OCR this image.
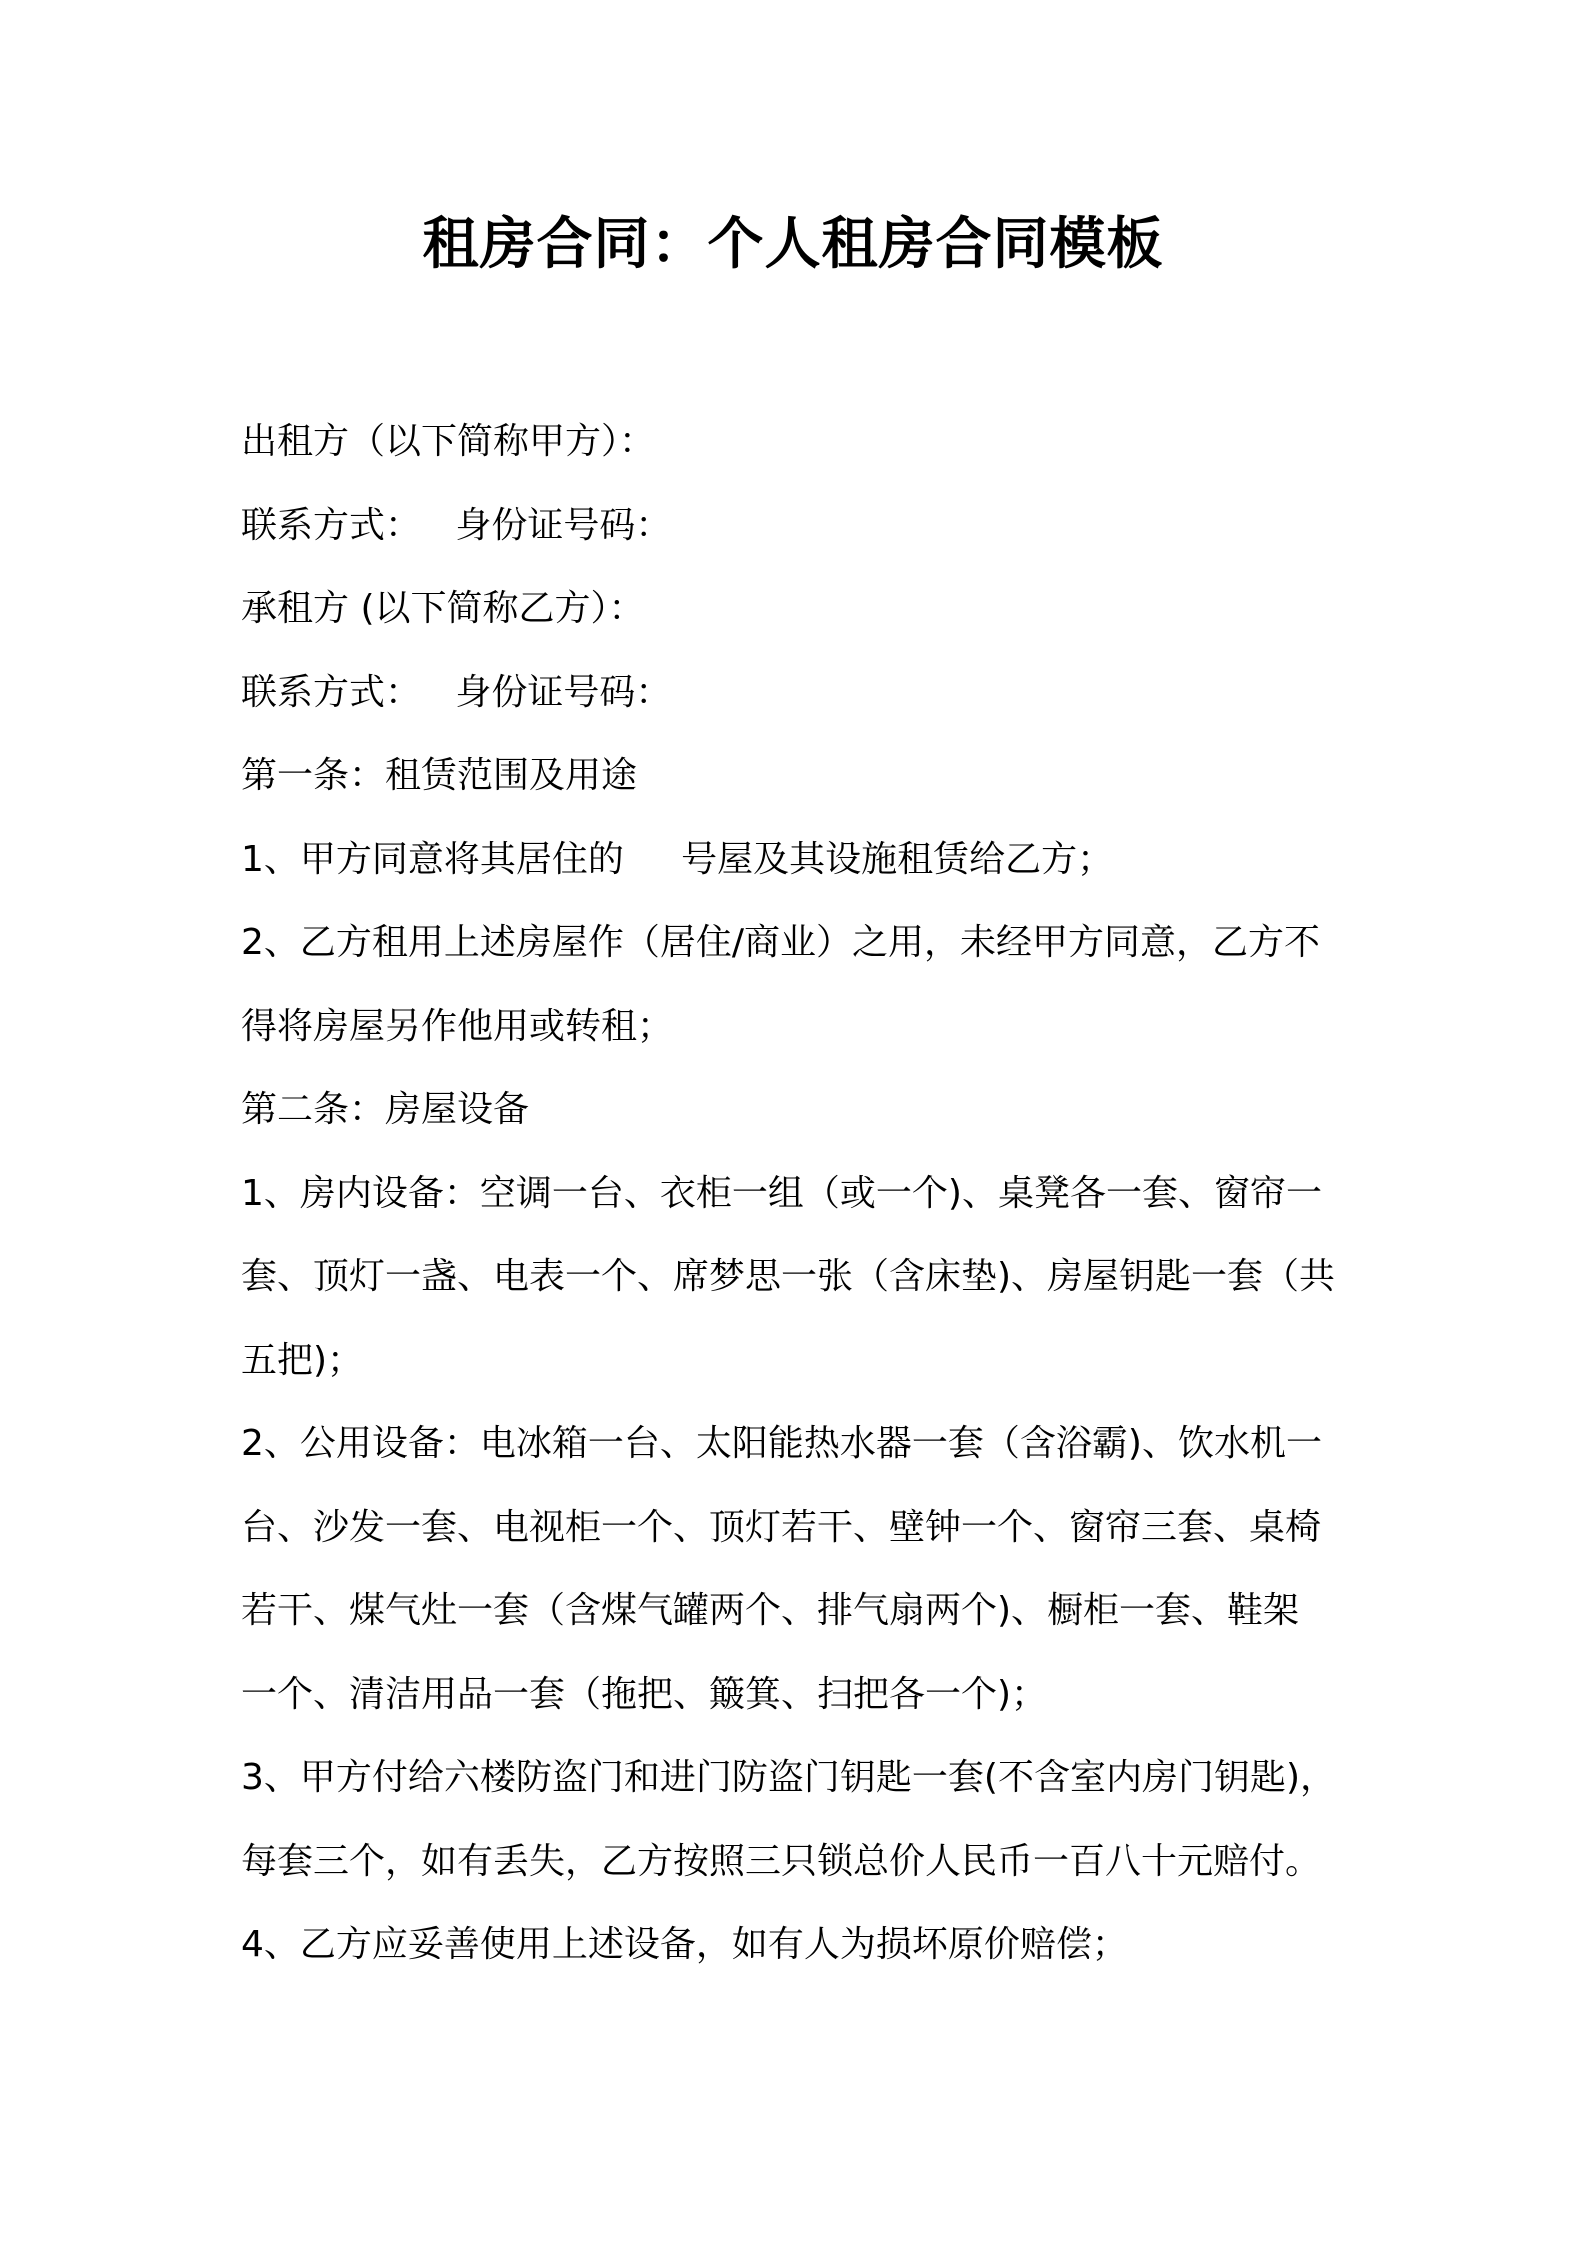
租房合同：个人租房合同模板
出租方（以下简称甲方）：
联系方式：   身份证号码：
承租方 (以下简称乙方）：
联系方式：   身份证号码：
第一条：租赁范围及用途
1、甲方同意将其居住的     号屋及其设施租赁给乙方；
2、乙方租用上述房屋作（居住/商业）之用，未经甲方同意，乙方不
得将房屋另作他用或转租；
第二条：房屋设备
1、房内设备：空调一台、衣柜一组（或一个)、桌凳各一套、窗帘一
套、顶灯一盏、电表一个、席梦思一张（含床垫)、房屋钥匙一套（共
五把)；
2、公用设备：电冰箱一台、太阳能热水器一套（含浴霸)、饮水机一
台、沙发一套、电视柜一个、顶灯若干、壁钟一个、窗帘三套、桌椅
若干、煤气灶一套（含煤气罐两个、排气扇两个)、橱柜一套、鞋架
一个、清洁用品一套（拖把、簸箕、扫把各一个)；
3、甲方付给六楼防盗门和进门防盗门钥匙一套(不含室内房门钥匙)，
每套三个，如有丢失，乙方按照三只锁总价人民币一百八十元赔付。
4、乙方应妥善使用上述设备，如有人为损坏原价赔偿；
